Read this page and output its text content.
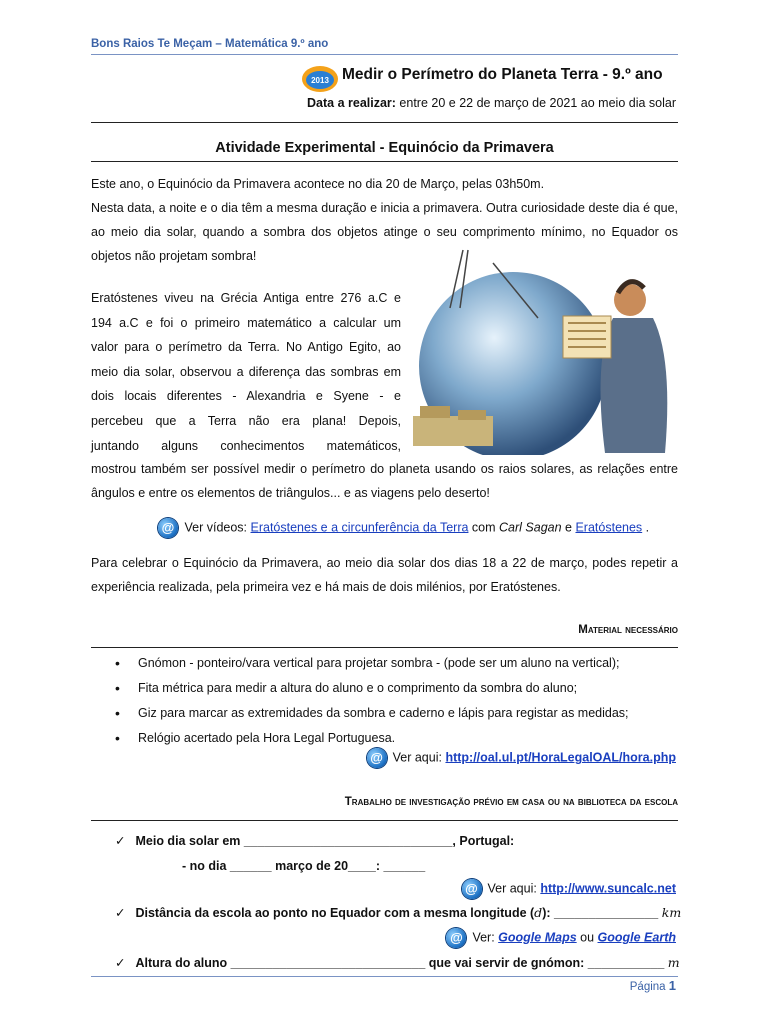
Bons Raios Te Meçam – Matemática 9.º ano
2013 Medir o Perímetro do Planeta Terra - 9.º ano
Data a realizar: entre 20 e 22 de março de 2021 ao meio dia solar
Atividade Experimental - Equinócio da Primavera
Este ano, o Equinócio da Primavera acontece no dia 20 de Março, pelas 03h50m.
Nesta data, a noite e o dia têm a mesma duração e inicia a primavera. Outra curiosidade deste dia é que, ao meio dia solar, quando a sombra dos objetos atinge o seu comprimento mínimo, no Equador os objetos não projetam sombra!
Eratóstenes viveu na Grécia Antiga entre 276 a.C e
194 a.C e foi o primeiro matemático a calcular um
valor para o perímetro da Terra. No Antigo Egito, ao
meio dia solar, observou a diferença das sombras em
dois locais diferentes - Alexandria e Syene - e
percebeu que a Terra não era plana! Depois,
juntando alguns conhecimentos matemáticos,
mostrou também ser possível medir o perímetro do planeta usando os raios solares, as relações entre ângulos e entre os elementos de triângulos... e as viagens pelo deserto!
@ Ver vídeos: Eratóstenes e a circunferência da Terra com Carl Sagan e Eratóstenes .
Para celebrar o Equinócio da Primavera, ao meio dia solar dos dias 18 a 22 de março, podes repetir a experiência realizada, pela primeira vez e há mais de dois milénios, por Eratóstenes.
Material necessário
• Gnómon - ponteiro/vara vertical para projetar sombra - (pode ser um aluno na vertical);
• Fita métrica para medir a altura do aluno e o comprimento da sombra do aluno;
• Giz para marcar as extremidades da sombra e caderno e lápis para registar as medidas;
• Relógio acertado pela Hora Legal Portuguesa.
@ Ver aqui: http://oal.ul.pt/HoraLegalOAL/hora.php
Trabalho de investigação prévio em casa ou na biblioteca da escola
✓ Meio dia solar em ______________________________, Portugal:
- no dia ______ março de 20____: ______
@ Ver aqui: http://www.suncalc.net
✓ Distância da escola ao ponto no Equador com a mesma longitude (d): _______________ km
@ Ver: Google Maps ou Google Earth
✓ Altura do aluno ____________________________ que vai servir de gnómon: ___________ m
Página 1
